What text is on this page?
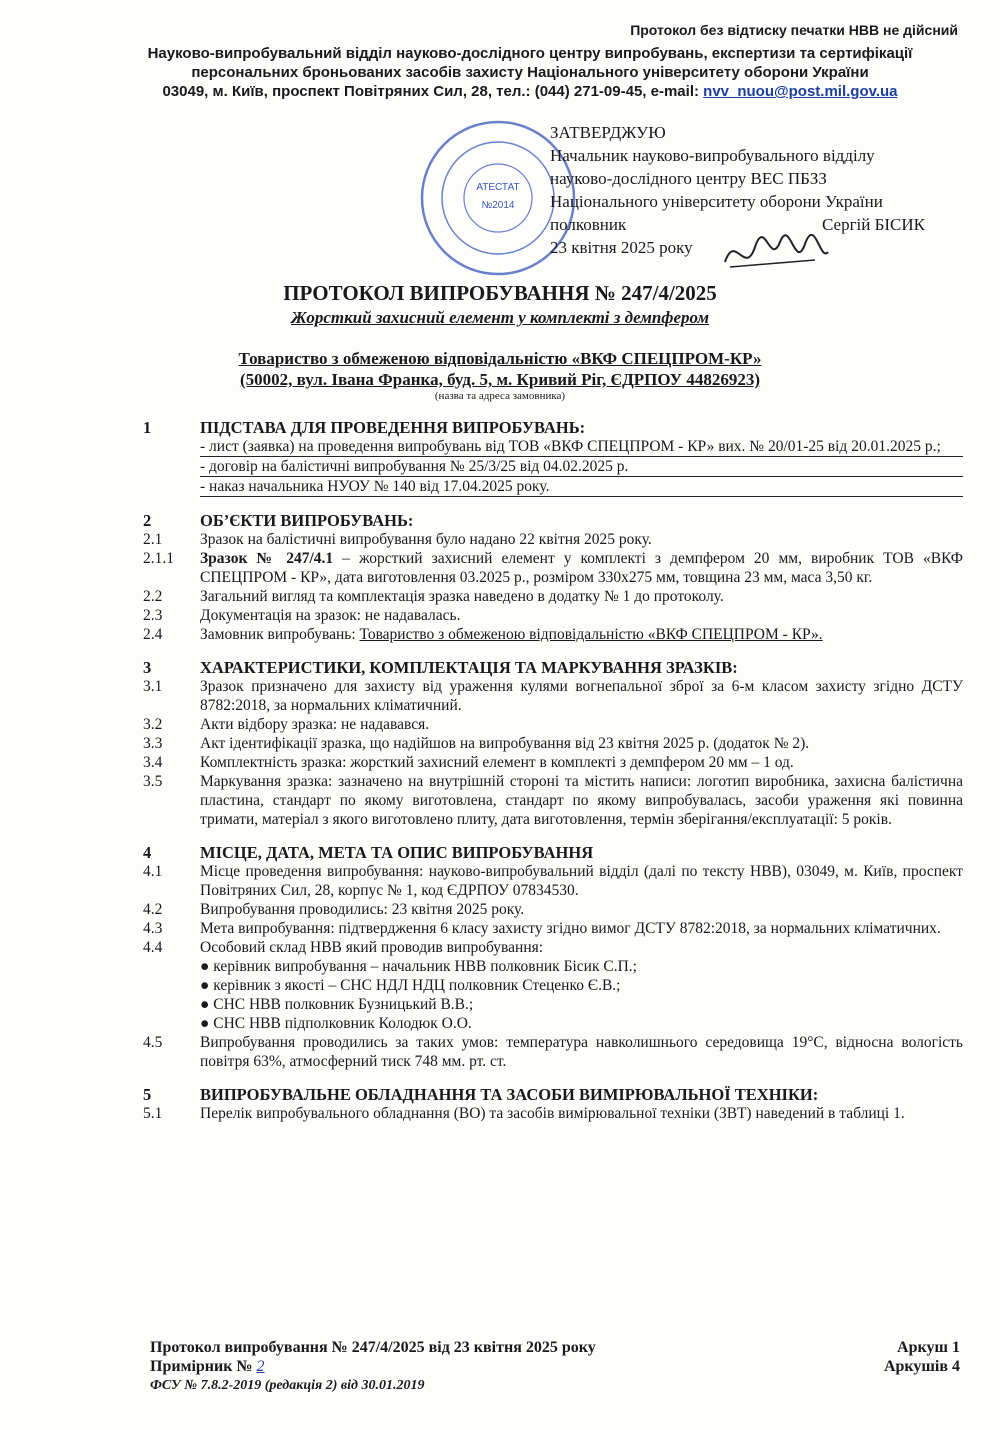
Протокол без відтиску печатки НВВ не дійсний
Науково-випробувальний відділ науково-дослідного центру випробувань, експертизи та сертифікації
персональних броньованих засобів захисту Національного університету оборони України
03049, м. Київ, проспект Повітряних Сил, 28, тел.: (044) 271-09-45, e-mail: nvv_nuou@post.mil.gov.ua
АТЕСТАТ
№2014
ЗАТВЕРДЖУЮ
Начальник науково-випробувального відділу
науково-дослідного центру ВЕС ПБЗЗ
Національного університету оборони України
полковник	Сергій БІСИК
23 квітня 2025 року
ПРОТОКОЛ ВИПРОБУВАННЯ № 247/4/2025
Жорсткий захисний елемент у комплекті з демпфером
Товариство з обмеженою відповідальністю «ВКФ СПЕЦПРОМ-КР»
(50002, вул. Івана Франка, буд. 5, м. Кривий Ріг, ЄДРПОУ 44826923)
(назва та адреса замовника)
1	ПІДСТАВА ДЛЯ ПРОВЕДЕННЯ ВИПРОБУВАНЬ:
- лист (заявка) на проведення випробувань від ТОВ «ВКФ СПЕЦПРОМ - КР» вих. № 20/01-25 від 20.01.2025 р.;
- договір на балістичні випробування № 25/3/25 від 04.02.2025 р.
- наказ начальника НУОУ № 140 від 17.04.2025 року.
2	ОБ’ЄКТИ ВИПРОБУВАНЬ:
2.1	Зразок на балістичні випробування було надано 22 квітня 2025 року.
2.1.1	Зразок № 247/4.1 – жорсткий захисний елемент у комплекті з демпфером 20 мм, виробник ТОВ «ВКФ СПЕЦПРОМ - КР», дата виготовлення 03.2025 р., розміром 330х275 мм, товщина 23 мм, маса 3,50 кг.
2.2	Загальний вигляд та комплектація зразка наведено в додатку № 1 до протоколу.
2.3	Документація на зразок: не надавалась.
2.4	Замовник випробувань: Товариство з обмеженою відповідальністю «ВКФ СПЕЦПРОМ - КР».
3	ХАРАКТЕРИСТИКИ, КОМПЛЕКТАЦІЯ ТА МАРКУВАННЯ ЗРАЗКІВ:
3.1	Зразок призначено для захисту від ураження кулями вогнепальної зброї за 6-м класом захисту згідно ДСТУ 8782:2018, за нормальних кліматичний.
3.2	Акти відбору зразка: не надавався.
3.3	Акт ідентифікації зразка, що надійшов на випробування від 23 квітня 2025 р. (додаток № 2).
3.4	Комплектність зразка: жорсткий захисний елемент в комплекті з демпфером 20 мм – 1 од.
3.5	Маркування зразка: зазначено на внутрішній стороні та містить написи: логотип виробника, захисна балістична пластина, стандарт по якому виготовлена, стандарт по якому випробувалась, засоби ураження які повинна тримати, матеріал з якого виготовлено плиту, дата виготовлення, термін зберігання/експлуатації: 5 років.
4	МІСЦЕ, ДАТА, МЕТА ТА ОПИС ВИПРОБУВАННЯ
4.1	Місце проведення випробування: науково-випробувальний відділ (далі по тексту НВВ), 03049, м. Київ, проспект Повітряних Сил, 28, корпус № 1, код ЄДРПОУ 07834530.
4.2	Випробування проводились: 23 квітня 2025 року.
4.3	Мета випробування: підтвердження 6 класу захисту згідно вимог ДСТУ 8782:2018, за нормальних кліматичних.
4.4	Особовий склад НВВ який проводив випробування:
● керівник випробування – начальник НВВ полковник Бісик С.П.;
● керівник з якості – СНС НДЛ НДЦ полковник Стеценко Є.В.;
● СНС НВВ полковник Бузницький В.В.;
● СНС НВВ підполковник Колодюк О.О.
4.5	Випробування проводились за таких умов: температура навколишнього середовища 19°С, відносна вологість повітря 63%, атмосферний тиск 748 мм. рт. ст.
5	ВИПРОБУВАЛЬНЕ ОБЛАДНАННЯ ТА ЗАСОБИ ВИМІРЮВАЛЬНОЇ ТЕХНІКИ:
5.1	Перелік випробувального обладнання (ВО) та засобів вимірювальної техніки (ЗВТ) наведений в таблиці 1.
Протокол випробування № 247/4/2025 від 23 квітня 2025 року	Аркуш 1
Примірник № 2	Аркушів 4
ФСУ № 7.8.2-2019 (редакція 2) від 30.01.2019
